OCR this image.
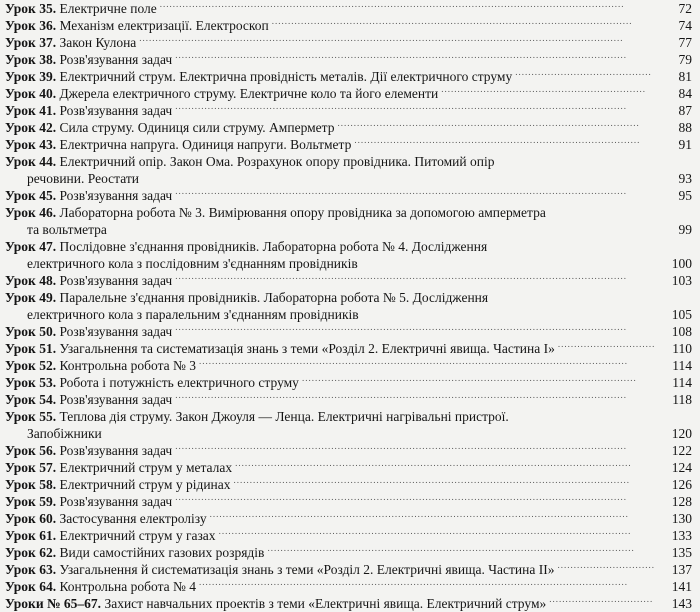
Урок 35. Електричне поле ...............................................................................................................................................	72
Урок 36. Механізм електризації. Електроскоп ...............................................................................................................	74
Урок 37. Закон Кулона .....................................................................................................................................................	77
Урок 38. Розв'язування задач ...........................................................................................................................................	79
Урок 39. Електричний струм. Електрична провідність металів. Дії електричного струму ..........................................	81
Урок 40. Джерела електричного струму. Електричне коло та його елементи ...............................................................	84
Урок 41. Розв'язування задач ...........................................................................................................................................	87
Урок 42. Сила струму. Одиниця сили струму. Амперметр .............................................................................................	88
Урок 43. Електрична напруга. Одиниця напруги. Вольтметр ........................................................................................	91
Урок 44. Електричний опір. Закон Ома. Розрахунок опору провідника. Питомий опір
речовини. Реостати	93
Урок 45. Розв'язування задач ...........................................................................................................................................	95
Урок 46. Лабораторна робота № 3. Вимірювання опору провідника за допомогою амперметра
та вольтметра	99
Урок 47. Послідовне з'єднання провідників. Лабораторна робота № 4. Дослідження
електричного кола з послідовним з'єднанням провідників	100
Урок 48. Розв'язування задач ...........................................................................................................................................	103
Урок 49. Паралельне з'єднання провідників. Лабораторна робота № 5. Дослідження
електричного кола з паралельним з'єднанням провідників	105
Урок 50. Розв'язування задач ...........................................................................................................................................	108
Урок 51. Узагальнення та систематизація знань з теми «Розділ 2. Електричні явища. Частина І» ..............................	110
Урок 52. Контрольна робота № 3 ....................................................................................................................................	114
Урок 53. Робота і потужність електричного струму .......................................................................................................	114
Урок 54. Розв'язування задач ...........................................................................................................................................	118
Урок 55. Теплова дія струму. Закон Джоуля — Ленца. Електричні нагрівальні пристрої.
Запобіжники	120
Урок 56. Розв'язування задач ...........................................................................................................................................	122
Урок 57. Електричний струм у металах ..........................................................................................................................	124
Урок 58. Електричний струм у рідинах ..........................................................................................................................	126
Урок 59. Розв'язування задач ...........................................................................................................................................	128
Урок 60. Застосування електролізу .................................................................................................................................	130
Урок 61. Електричний струм у газах ...............................................................................................................................	133
Урок 62. Види самостійних газових розрядів .................................................................................................................	135
Урок 63. Узагальнення й систематизація знань з теми «Розділ 2. Електричні явища. Частина ІІ» ..............................	137
Урок 64. Контрольна робота № 4 ....................................................................................................................................	141
Уроки № 65–67. Захист навчальних проектів з теми «Електричні явища. Електричний струм» ................................	143
